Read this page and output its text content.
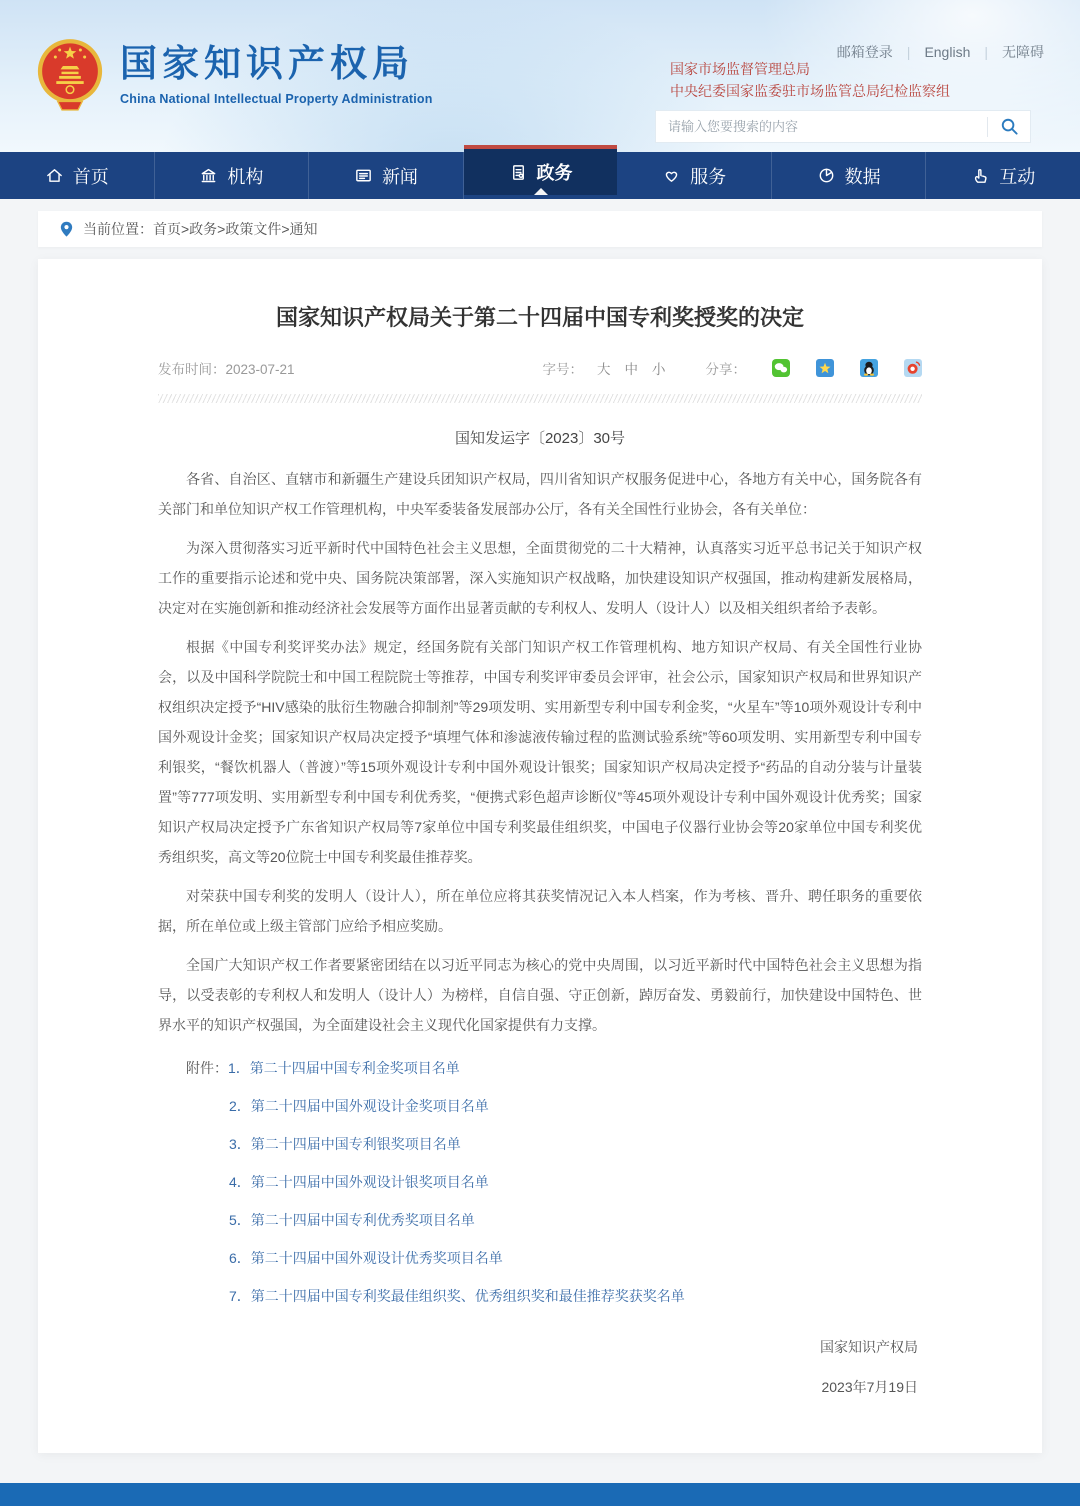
国家知识产权局
China National Intellectual Property Administration
邮箱登录 | English | 无障碍
国家市场监督管理总局
中央纪委国家监委驻市场监管总局纪检监察组
请输入您要搜索的内容
首页	机构	新闻	政务	服务	数据	互动
当前位置： 首页>政务>政策文件>通知
国家知识产权局关于第二十四届中国专利奖授奖的决定
发布时间：2023-07-21	字号： 大 中 小	分享：
国知发运字〔2023〕30号

各省、自治区、直辖市和新疆生产建设兵团知识产权局，四川省知识产权服务促进中心，各地方有关中心，国务院各有关部门和单位知识产权工作管理机构，中央军委装备发展部办公厅，各有关全国性行业协会，各有关单位：

为深入贯彻落实习近平新时代中国特色社会主义思想，全面贯彻党的二十大精神，认真落实习近平总书记关于知识产权工作的重要指示论述和党中央、国务院决策部署，深入实施知识产权战略，加快建设知识产权强国，推动构建新发展格局，决定对在实施创新和推动经济社会发展等方面作出显著贡献的专利权人、发明人（设计人）以及相关组织者给予表彰。

根据《中国专利奖评奖办法》规定，经国务院有关部门知识产权工作管理机构、地方知识产权局、有关全国性行业协会，以及中国科学院院士和中国工程院院士等推荐，中国专利奖评审委员会评审，社会公示，国家知识产权局和世界知识产权组织决定授予“HIV感染的肽衍生物融合抑制剂”等29项发明、实用新型专利中国专利金奖，“火星车”等10项外观设计专利中国外观设计金奖；国家知识产权局决定授予“填埋气体和渗滤液传输过程的监测试验系统”等60项发明、实用新型专利中国专利银奖，“餐饮机器人（普渡）”等15项外观设计专利中国外观设计银奖；国家知识产权局决定授予“药品的自动分装与计量装置”等777项发明、实用新型专利中国专利优秀奖，“便携式彩色超声诊断仪”等45项外观设计专利中国外观设计优秀奖；国家知识产权局决定授予广东省知识产权局等7家单位中国专利奖最佳组织奖，中国电子仪器行业协会等20家单位中国专利奖优秀组织奖，高文等20位院士中国专利奖最佳推荐奖。

对荣获中国专利奖的发明人（设计人），所在单位应将其获奖情况记入本人档案，作为考核、晋升、聘任职务的重要依据，所在单位或上级主管部门应给予相应奖励。

全国广大知识产权工作者要紧密团结在以习近平同志为核心的党中央周围，以习近平新时代中国特色社会主义思想为指导，以受表彰的专利权人和发明人（设计人）为榜样，自信自强、守正创新，踔厉奋发、勇毅前行，加快建设中国特色、世界水平的知识产权强国，为全面建设社会主义现代化国家提供有力支撑。

附件：1．第二十四届中国专利金奖项目名单
2．第二十四届中国外观设计金奖项目名单
3．第二十四届中国专利银奖项目名单
4．第二十四届中国外观设计银奖项目名单
5．第二十四届中国专利优秀奖项目名单
6．第二十四届中国外观设计优秀奖项目名单
7．第二十四届中国专利奖最佳组织奖、优秀组织奖和最佳推荐奖获奖名单
国家知识产权局
2023年7月19日
